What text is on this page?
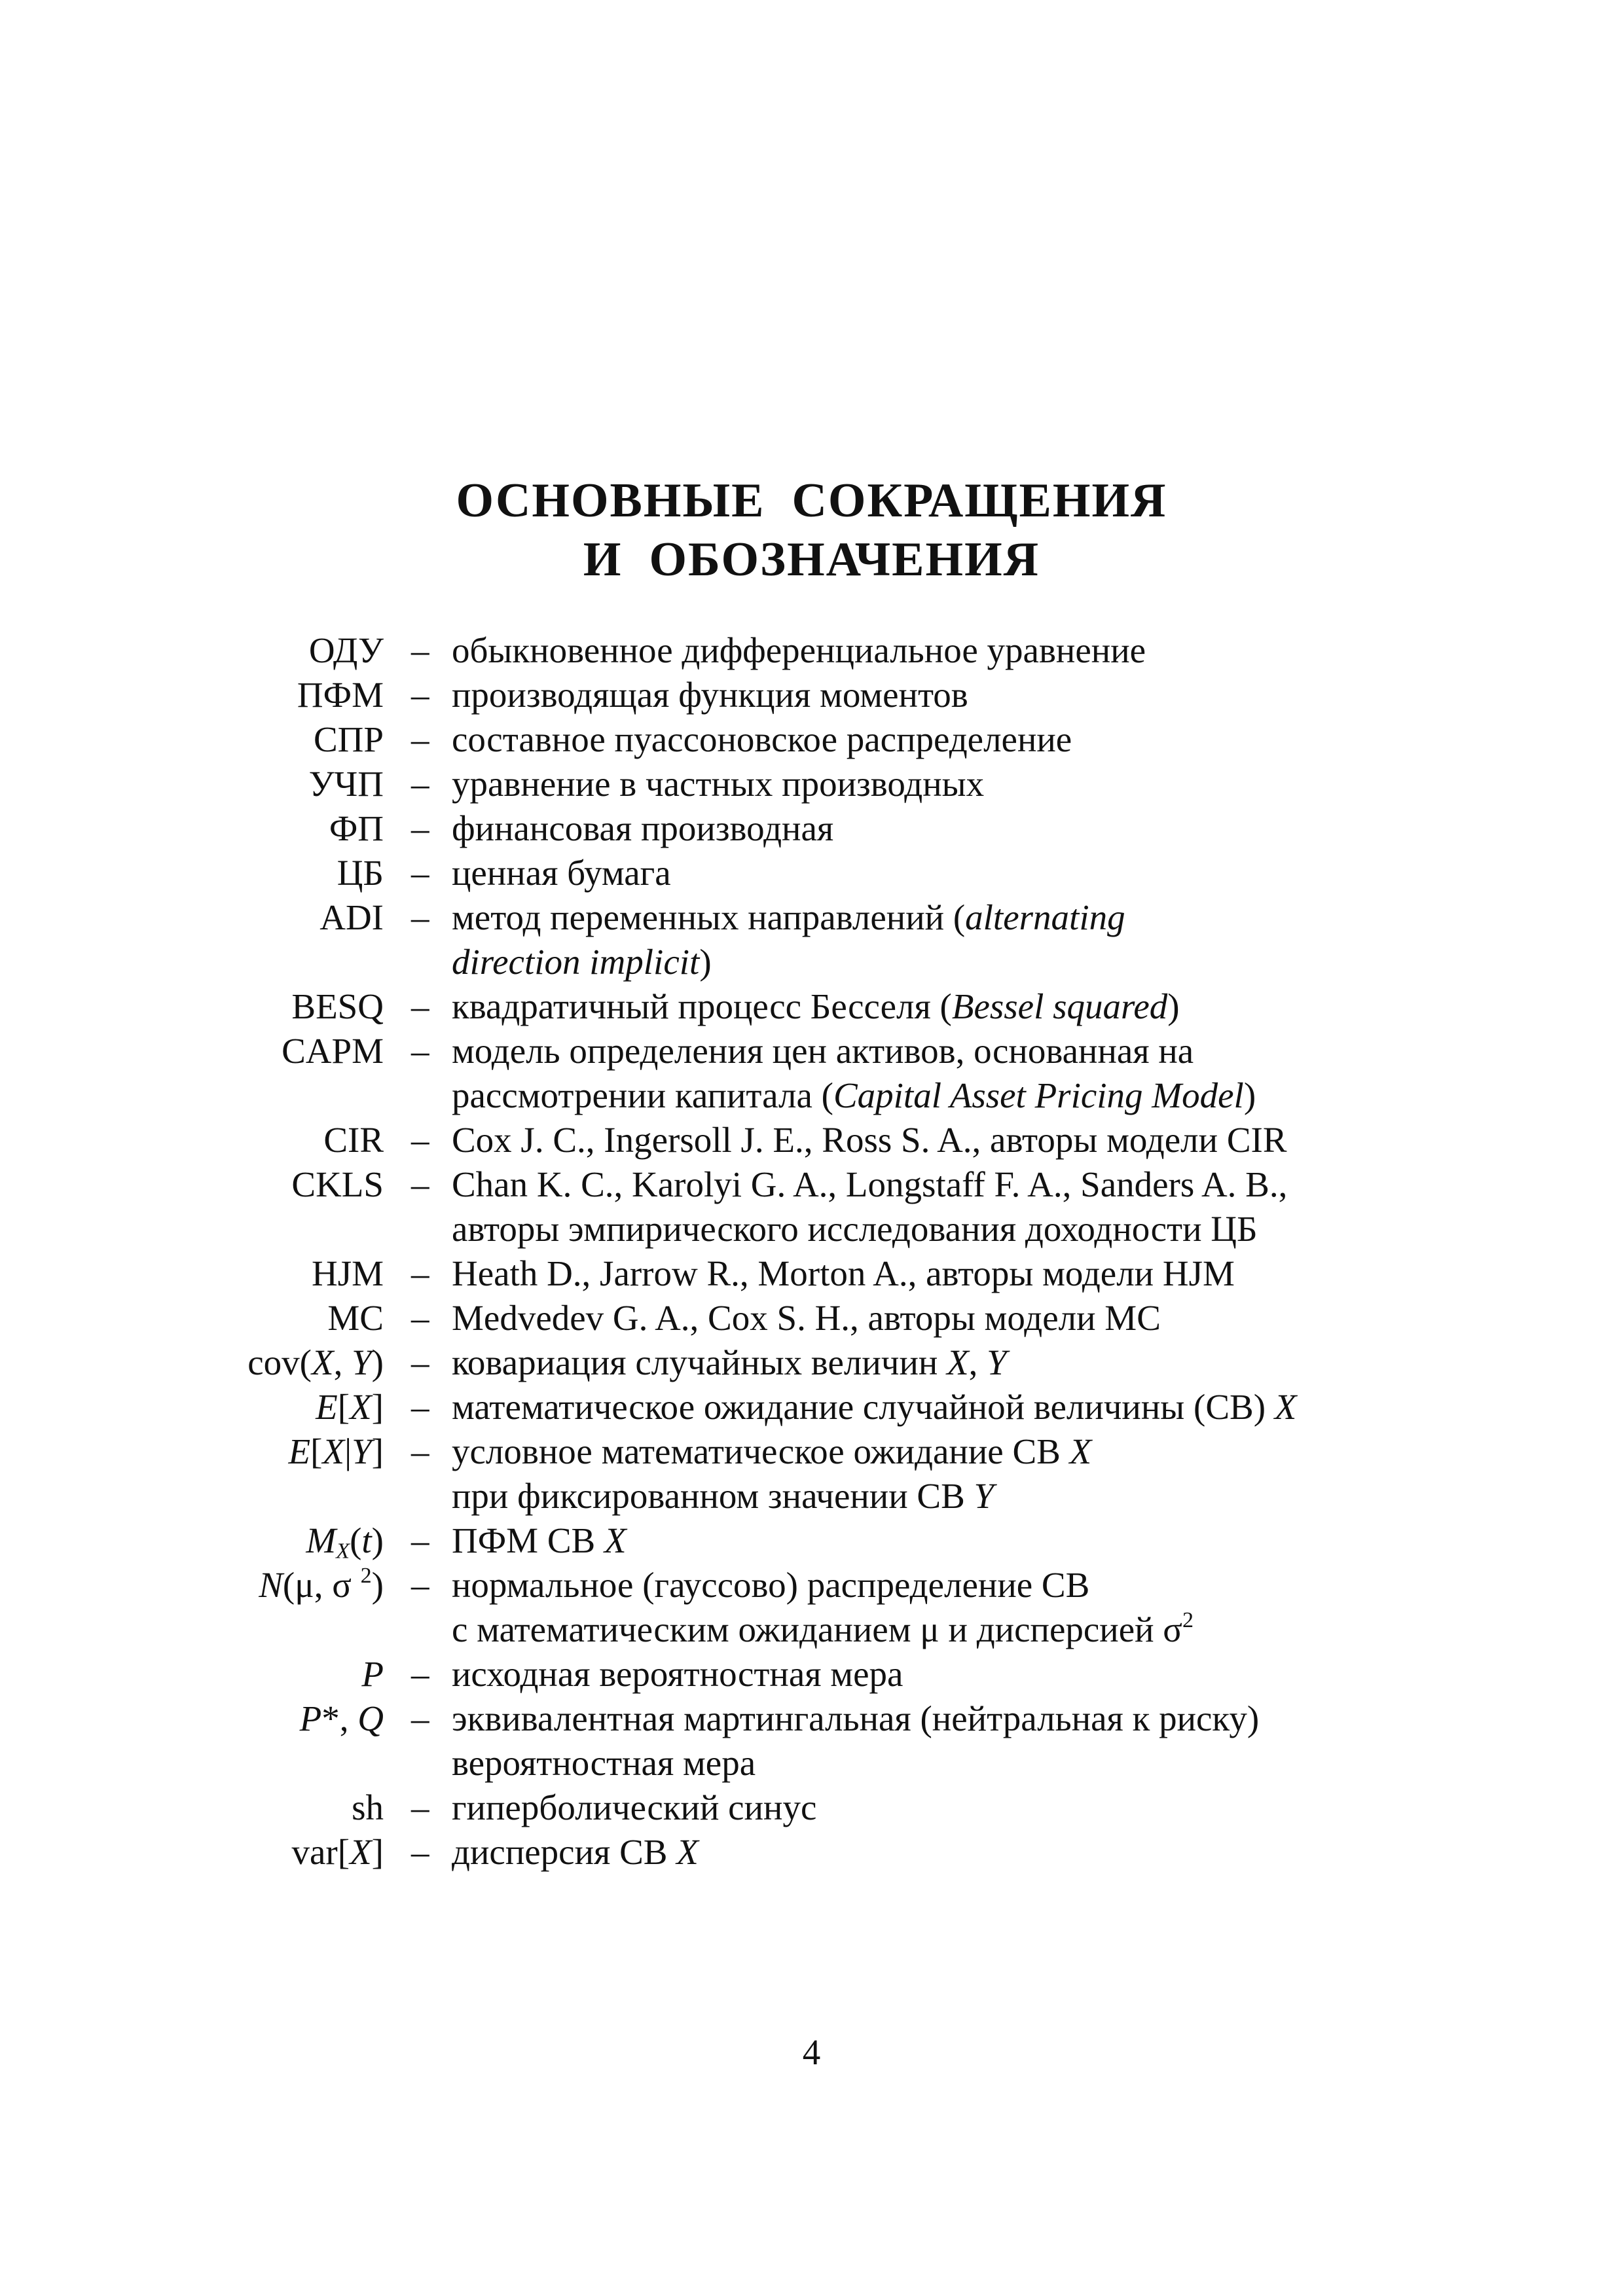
ОСНОВНЫЕ  СОКРАЩЕНИЯ
И  ОБОЗНАЧЕНИЯ
ОДУ – обыкновенное дифференциальное уравнение
ПФМ – производящая функция моментов
СПР – составное пуассоновское распределение
УЧП – уравнение в частных производных
ФП – финансовая производная
ЦБ – ценная бумага
ADI – метод переменных направлений (alternating
direction implicit)
BESQ – квадратичный процесс Бесселя (Bessel squared)
CAPM – модель определения цен активов, основанная на
рассмотрении капитала (Capital Asset Pricing Model)
CIR – Cox J. C., Ingersoll J. E., Ross S. A., авторы модели CIR
CKLS – Chan K. C., Karolyi G. A., Longstaff F. A., Sanders A. B.,
авторы эмпирического исследования доходности ЦБ
HJM – Heath D., Jarrow R., Morton A., авторы модели HJM
MC – Medvedev G. A., Cox S. H., авторы модели MC
cov(X, Y) – ковариация случайных величин X, Y
E[X] – математическое ожидание случайной величины (СВ) X
E[X|Y] – условное математическое ожидание СВ X
при фиксированном значении СВ Y
$M_X(t)$ – ПФМ СВ X
N(μ, σ $^2$) – нормальное (гауссово) распределение СВ
с математическим ожиданием μ и дисперсией $\sigma^2$
P – исходная вероятностная мера
P*, Q – эквивалентная мартингальная (нейтральная к риску)
вероятностная мера
sh – гиперболический синус
var[X] – дисперсия СВ X
4
